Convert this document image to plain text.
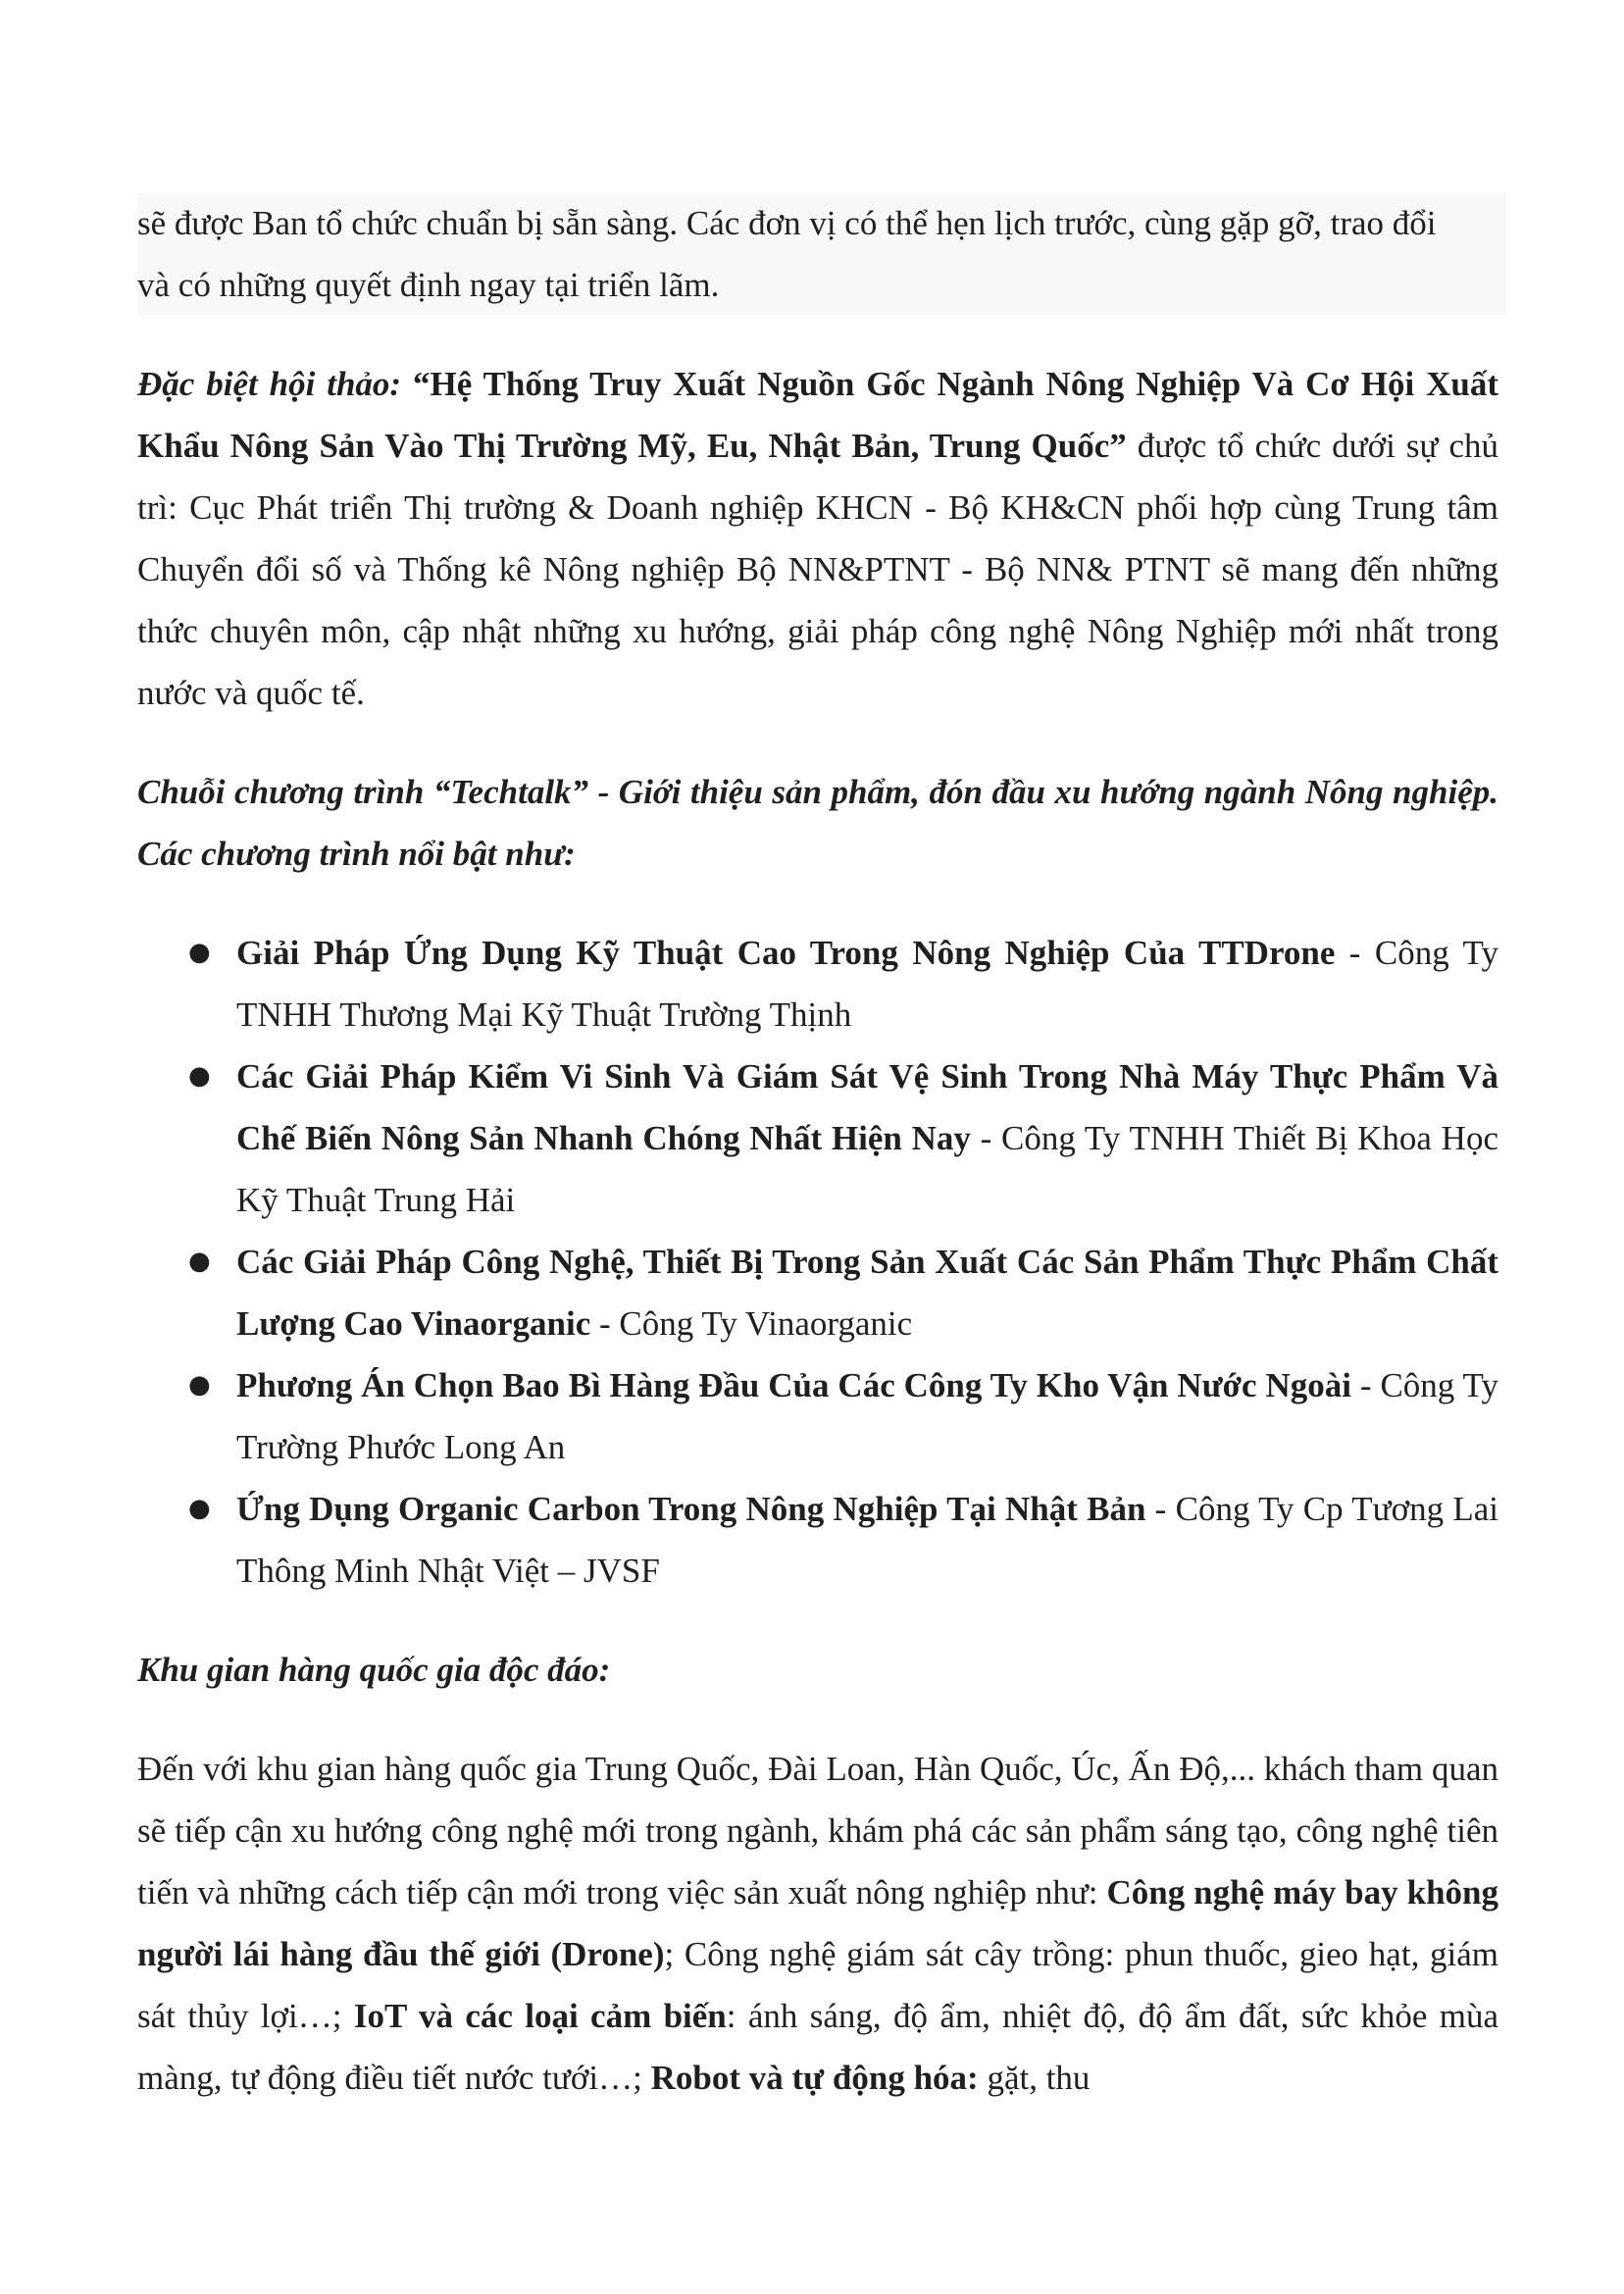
sẽ được Ban tổ chức chuẩn bị sẵn sàng. Các đơn vị có thể hẹn lịch trước, cùng gặp gỡ, trao đổi
và có những quyết định ngay tại triển lãm.

Đặc biệt hội thảo: “Hệ Thống Truy Xuất Nguồn Gốc Ngành Nông Nghiệp Và Cơ Hội Xuất Khẩu Nông Sản Vào Thị Trường Mỹ, Eu, Nhật Bản, Trung Quốc” được tổ chức dưới sự chủ trì: Cục Phát triển Thị trường & Doanh nghiệp KHCN - Bộ KH&CN phối hợp cùng Trung tâm Chuyển đổi số và Thống kê Nông nghiệp Bộ NN&PTNT - Bộ NN& PTNT sẽ mang đến những thức chuyên môn, cập nhật những xu hướng, giải pháp công nghệ Nông Nghiệp mới nhất trong nước và quốc tế.

Chuỗi chương trình “Techtalk” - Giới thiệu sản phẩm, đón đầu xu hướng ngành Nông nghiệp. Các chương trình nổi bật như:

● Giải Pháp Ứng Dụng Kỹ Thuật Cao Trong Nông Nghiệp Của TTDrone - Công Ty TNHH Thương Mại Kỹ Thuật Trường Thịnh
● Các Giải Pháp Kiểm Vi Sinh Và Giám Sát Vệ Sinh Trong Nhà Máy Thực Phẩm Và Chế Biến Nông Sản Nhanh Chóng Nhất Hiện Nay - Công Ty TNHH Thiết Bị Khoa Học Kỹ Thuật Trung Hải
● Các Giải Pháp Công Nghệ, Thiết Bị Trong Sản Xuất Các Sản Phẩm Thực Phẩm Chất Lượng Cao Vinaorganic - Công Ty Vinaorganic
● Phương Án Chọn Bao Bì Hàng Đầu Của Các Công Ty Kho Vận Nước Ngoài - Công Ty Trường Phước Long An
● Ứng Dụng Organic Carbon Trong Nông Nghiệp Tại Nhật Bản - Công Ty Cp Tương Lai Thông Minh Nhật Việt – JVSF

Khu gian hàng quốc gia độc đáo:

Đến với khu gian hàng quốc gia Trung Quốc, Đài Loan, Hàn Quốc, Úc, Ấn Độ,... khách tham quan sẽ tiếp cận xu hướng công nghệ mới trong ngành, khám phá các sản phẩm sáng tạo, công nghệ tiên tiến và những cách tiếp cận mới trong việc sản xuất nông nghiệp như: Công nghệ máy bay không người lái hàng đầu thế giới (Drone); Công nghệ giám sát cây trồng: phun thuốc, gieo hạt, giám sát thủy lợi…; IoT và các loại cảm biến: ánh sáng, độ ẩm, nhiệt độ, độ ẩm đất, sức khỏe mùa màng, tự động điều tiết nước tưới…; Robot và tự động hóa: gặt, thu
